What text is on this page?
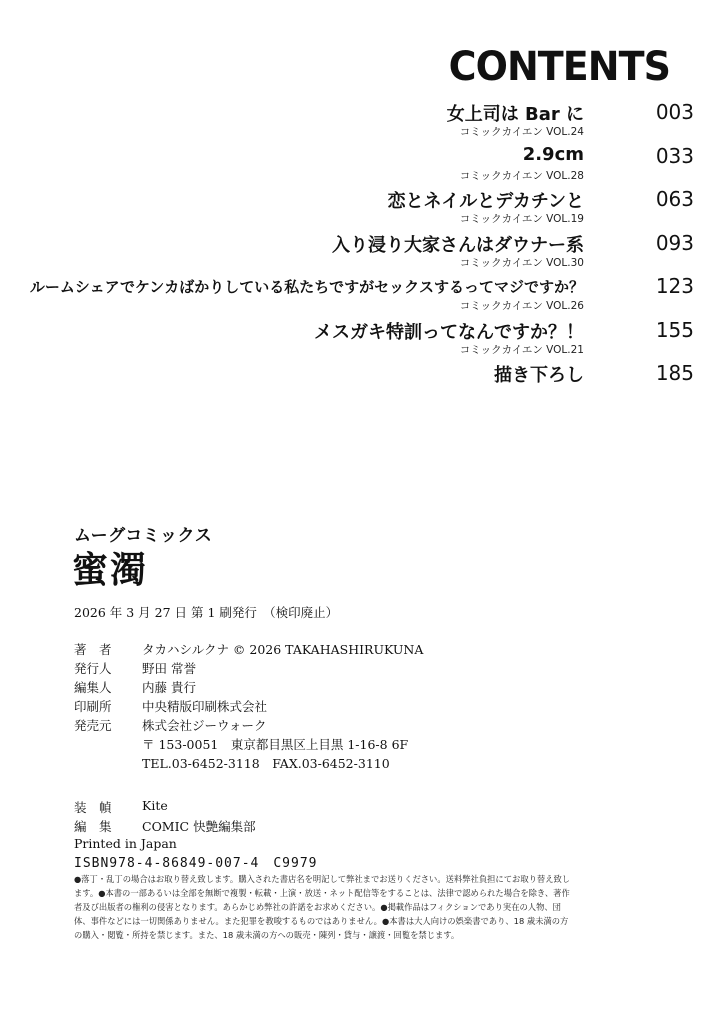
CONTENTS
女上司は Bar に
コミックカイエン VOL.24
003
2.9cm
コミックカイエン VOL.28
033
恋とネイルとデカチンと
コミックカイエン VOL.19
063
入り浸り大家さんはダウナー系
コミックカイエン VOL.30
093
ルームシェアでケンカばかりしている私たちですがセックスするってマジですか？
コミックカイエン VOL.26
123
メスガキ特訓ってなんですか？！
コミックカイエン VOL.21
155
描き下ろし	185
ムーグコミックス
蜜濁
2026 年 3 月 27 日 第 1 刷発行　（検印廃止）
著　者 タカハシルクナ © 2026 TAKAHASHIRUKUNA
発行人 野田 常誉
編集人 内藤 貴行
印刷所 中央精版印刷株式会社
発売元 株式会社ジーウォーク
〒 153-0051　東京都目黒区上目黒 1-16-8 6F
TEL.03-6452-3118　FAX.03-6452-3110
装　幀 Kite
編　集 COMIC 快艶編集部
Printed in Japan
ISBN978-4-86849-007-4　C9979
●落丁・乱丁の場合はお取り替え致します。購入された書店名を明記して弊社までお送りください。送料弊社負担にてお取り替え致します。●本書の一部あるいは全部を無断で複製・転載・上演・放送・ネット配信等をすることは、法律で認められた場合を除き、著作者及び出版者の権利の侵害となります。あらかじめ弊社の許諾をお求めください。●掲載作品はフィクションであり実在の人物、団体、事件などには一切関係ありません。また犯罪を教唆するものではありません。●本書は大人向けの娯楽書であり、18 歳未満の方の購入・閲覧・所持を禁じます。また、18 歳未満の方への販売・陳列・貸与・譲渡・回覧を禁じます。
